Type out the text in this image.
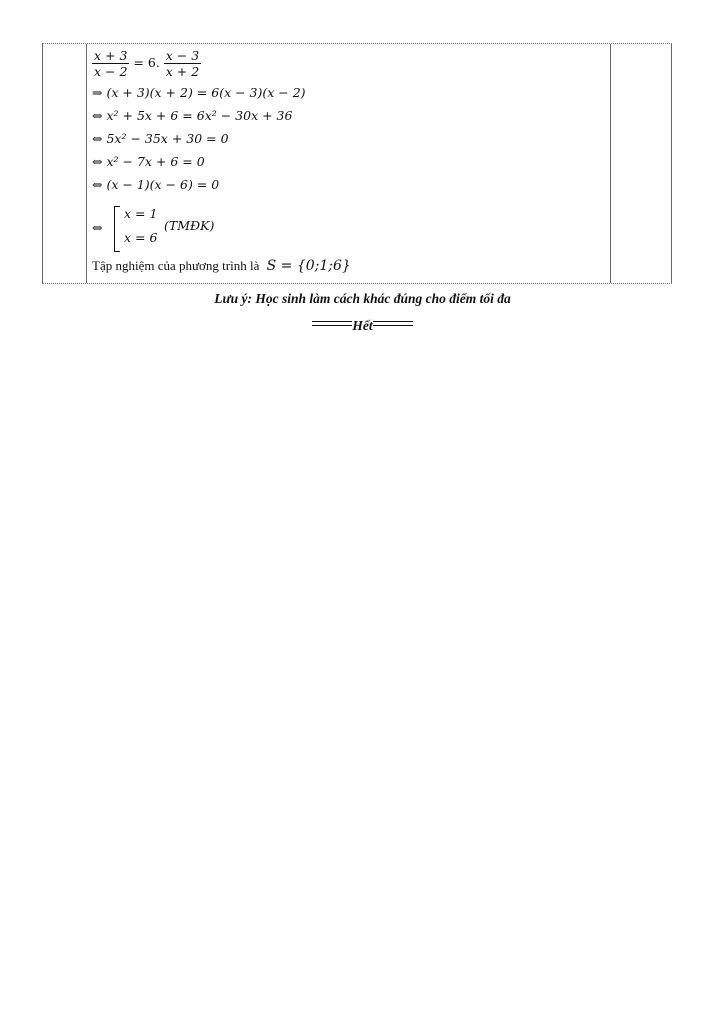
$\frac{x + 3}{x - 2} = 6$. $\frac{x - 3}{x + 2}$
⇒ (x + 3)(x + 2) = 6(x − 3)(x − 2)
⇔ x² + 5x + 6 = 6x² − 30x + 36
⇔ 5x² − 35x + 30 = 0
⇔ x² − 7x + 6 = 0
⇔ (x − 1)(x − 6) = 0
⇔
x = 1
x = 6
(TMĐK)
Tập nghiệm của phương trình là S = {0;1;6}
Lưu ý: Học sinh làm cách khác đúng cho điểm tối đa
Hết
